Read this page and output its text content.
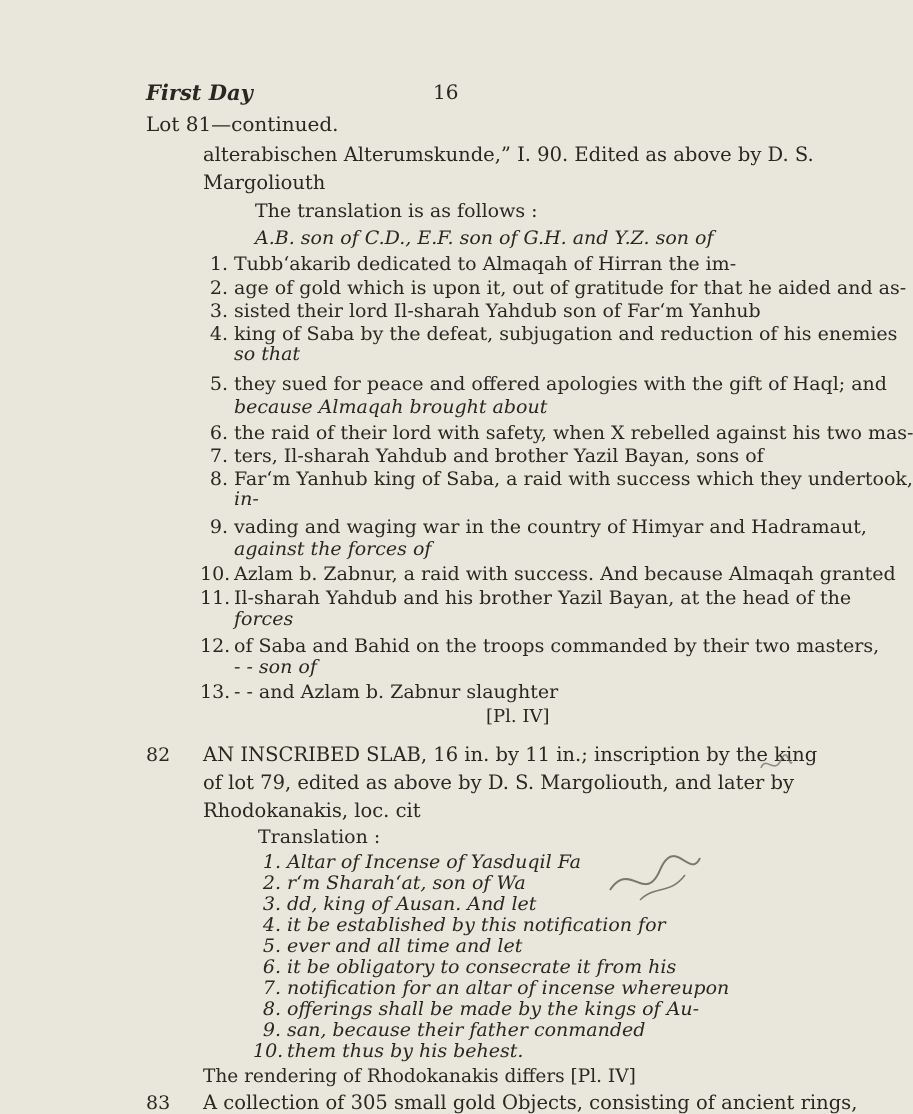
First Day	16
Lot 81—continued.
alterabischen Alterumskunde,” I. 90. Edited as above by D. S.
Margoliouth
The translation is as follows :
A.B. son of C.D., E.F. son of G.H. and Y.Z. son of
1. Tubb‘akarib dedicated to Almaqah of Hirran the im-
2. age of gold which is upon it, out of gratitude for that he aided and as-
3. sisted their lord Il-sharah Yahdub son of Far‘m Yanhub
4. king of Saba by the defeat, subjugation and reduction of his enemies
so that
5. they sued for peace and offered apologies with the gift of Haql; and
because Almaqah brought about
6. the raid of their lord with safety, when X rebelled against his two mas-
7. ters, Il-sharah Yahdub and brother Yazil Bayan, sons of
8. Far‘m Yanhub king of Saba, a raid with success which they undertook,
in-
9. vading and waging war in the country of Himyar and Hadramaut,
against the forces of
10. Azlam b. Zabnur, a raid with success. And because Almaqah granted
11. Il-sharah Yahdub and his brother Yazil Bayan, at the head of the
forces
12. of Saba and Bahid on the troops commanded by their two masters,
- - son of
13. - - and Azlam b. Zabnur slaughter
[Pl. IV]
82 AN INSCRIBED SLAB, 16 in. by 11 in.; inscription by the king
of lot 79, edited as above by D. S. Margoliouth, and later by
Rhodokanakis, loc. cit
Translation :
1. Altar of Incense of Yasduqil Fa
2. r‘m Sharah‘at, son of Wa
3. dd, king of Ausan. And let
4. it be established by this notification for
5. ever and all time and let
6. it be obligatory to consecrate it from his
7. notification for an altar of incense whereupon
8. offerings shall be made by the kings of Au-
9. san, because their father conmanded
10. them thus by his behest.
The rendering of Rhodokanakis differs [Pl. IV]
83 A collection of 305 small gold Objects, consisting of ancient rings,
